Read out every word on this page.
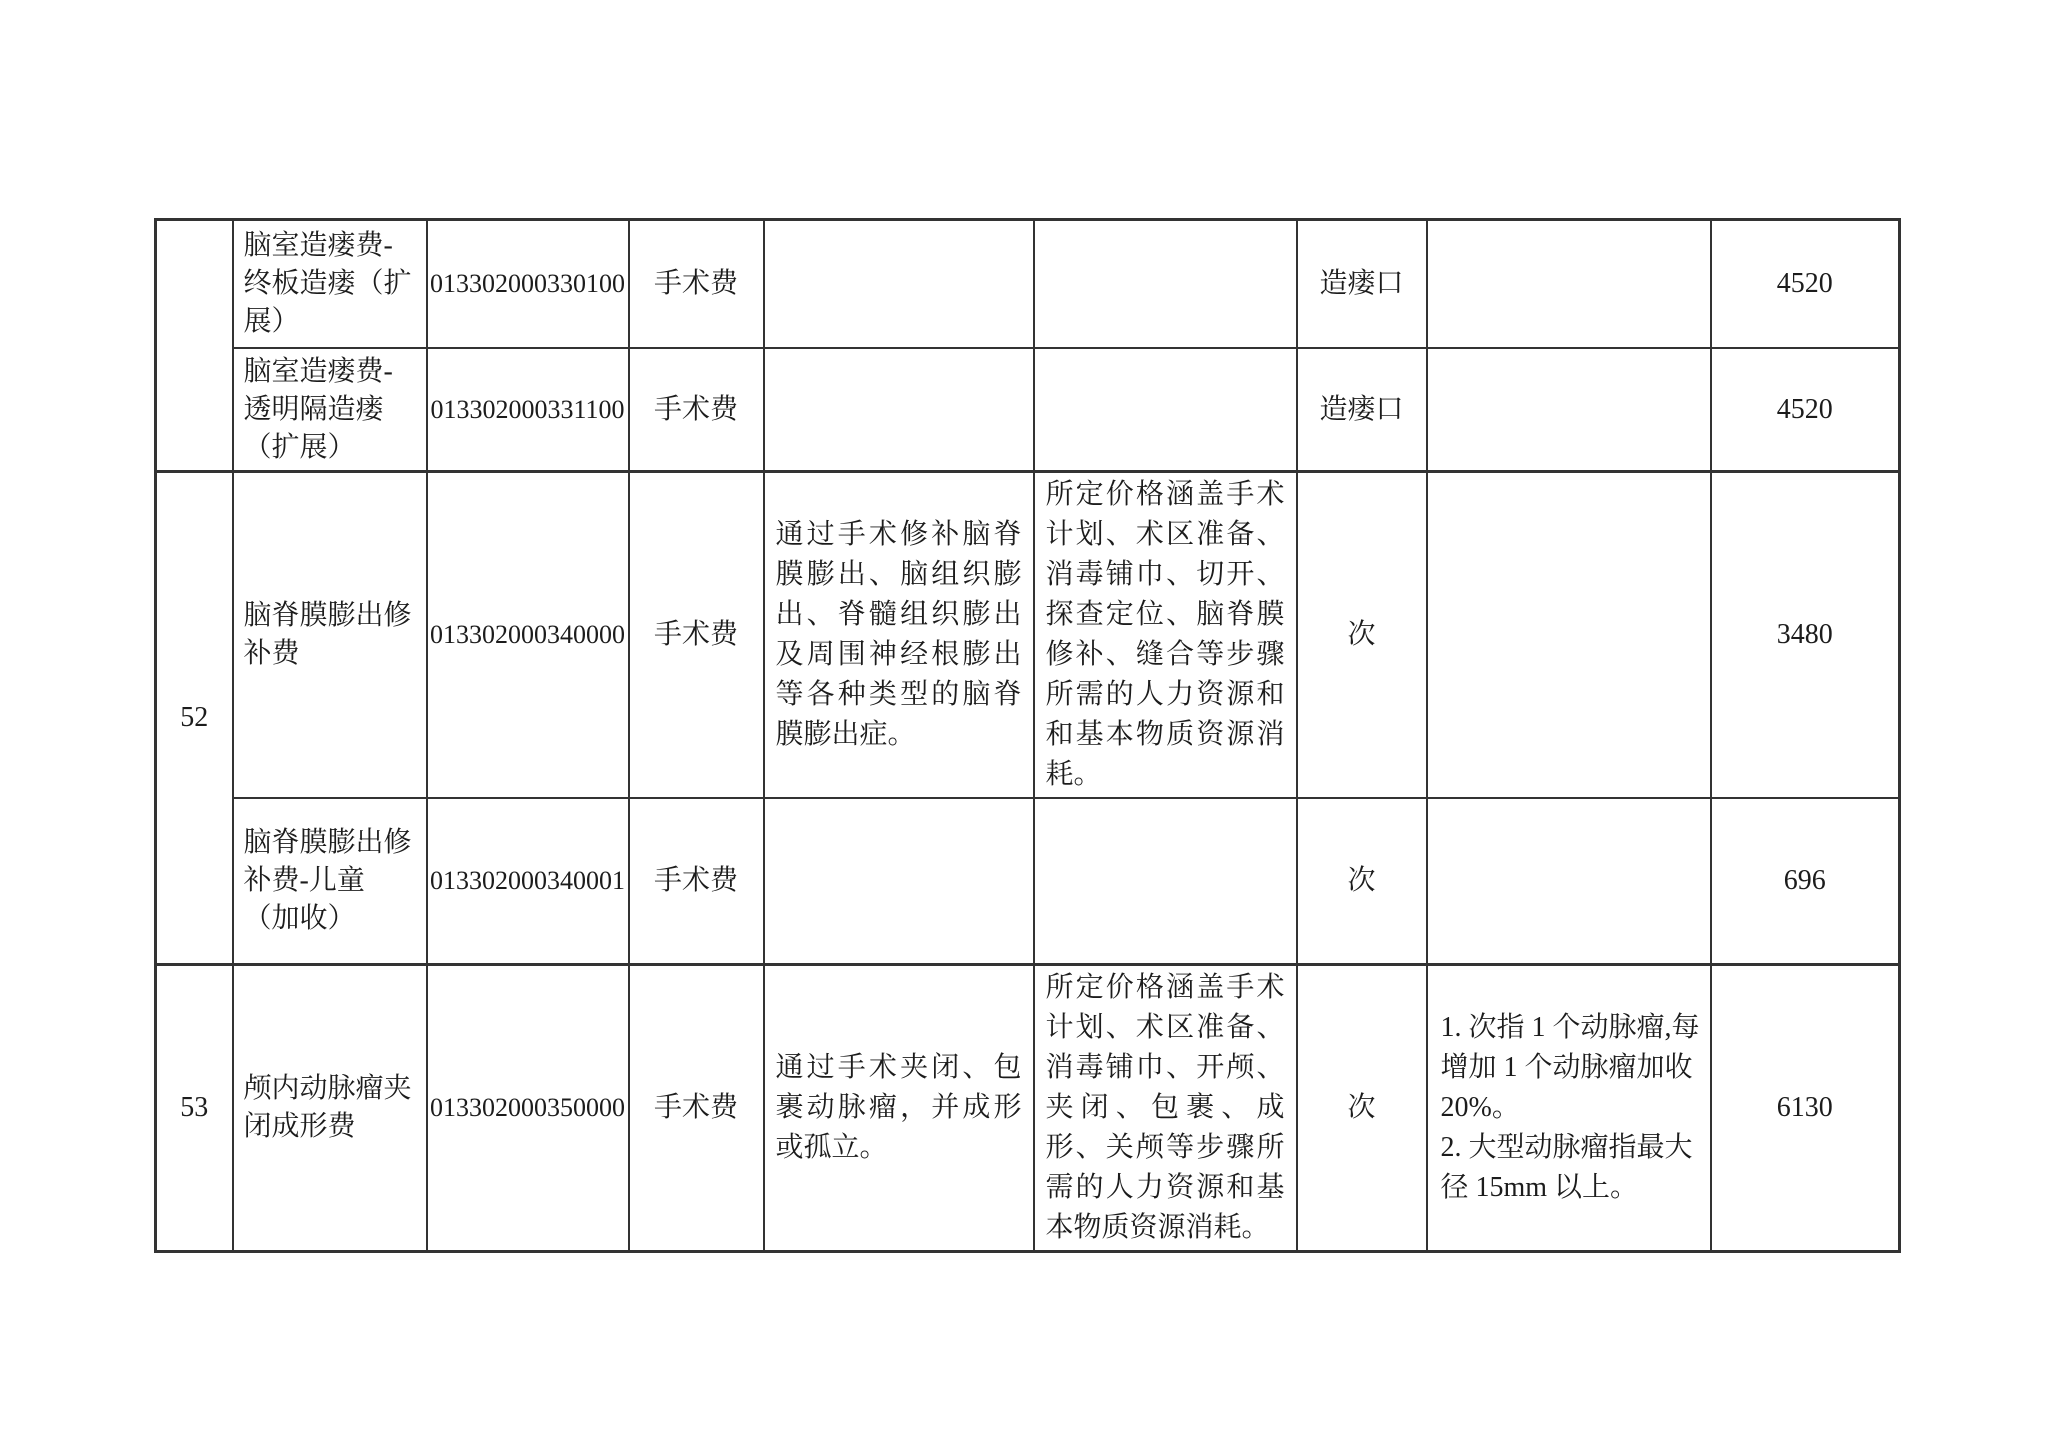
	脑室造瘘费-终板造瘘（扩展）	013302000330100	手术费			造瘘口		4520
	脑室造瘘费-透明隔造瘘（扩展）	013302000331100	手术费			造瘘口		4520
52	脑脊膜膨出修补费	013302000340000	手术费	通过手术修补脑脊膜膨出、脑组织膨出、脊髓组织膨出及周围神经根膨出等各种类型的脑脊膜膨出症。	所定价格涵盖手术计划、术区准备、消毒铺巾、切开、探查定位、脑脊膜修补、缝合等步骤所需的人力资源和和基本物质资源消耗。	次		3480
	脑脊膜膨出修补费-儿童（加收）	013302000340001	手术费			次		696
53	颅内动脉瘤夹闭成形费	013302000350000	手术费	通过手术夹闭、包裹动脉瘤，并成形或孤立。	所定价格涵盖手术计划、术区准备、消毒铺巾、开颅、夹闭、包裹、成形、关颅等步骤所需的人力资源和基本物质资源消耗。	次	1. 次指 1 个动脉瘤,每增加 1 个动脉瘤加收 20%。
2. 大型动脉瘤指最大径 15mm 以上。	6130
